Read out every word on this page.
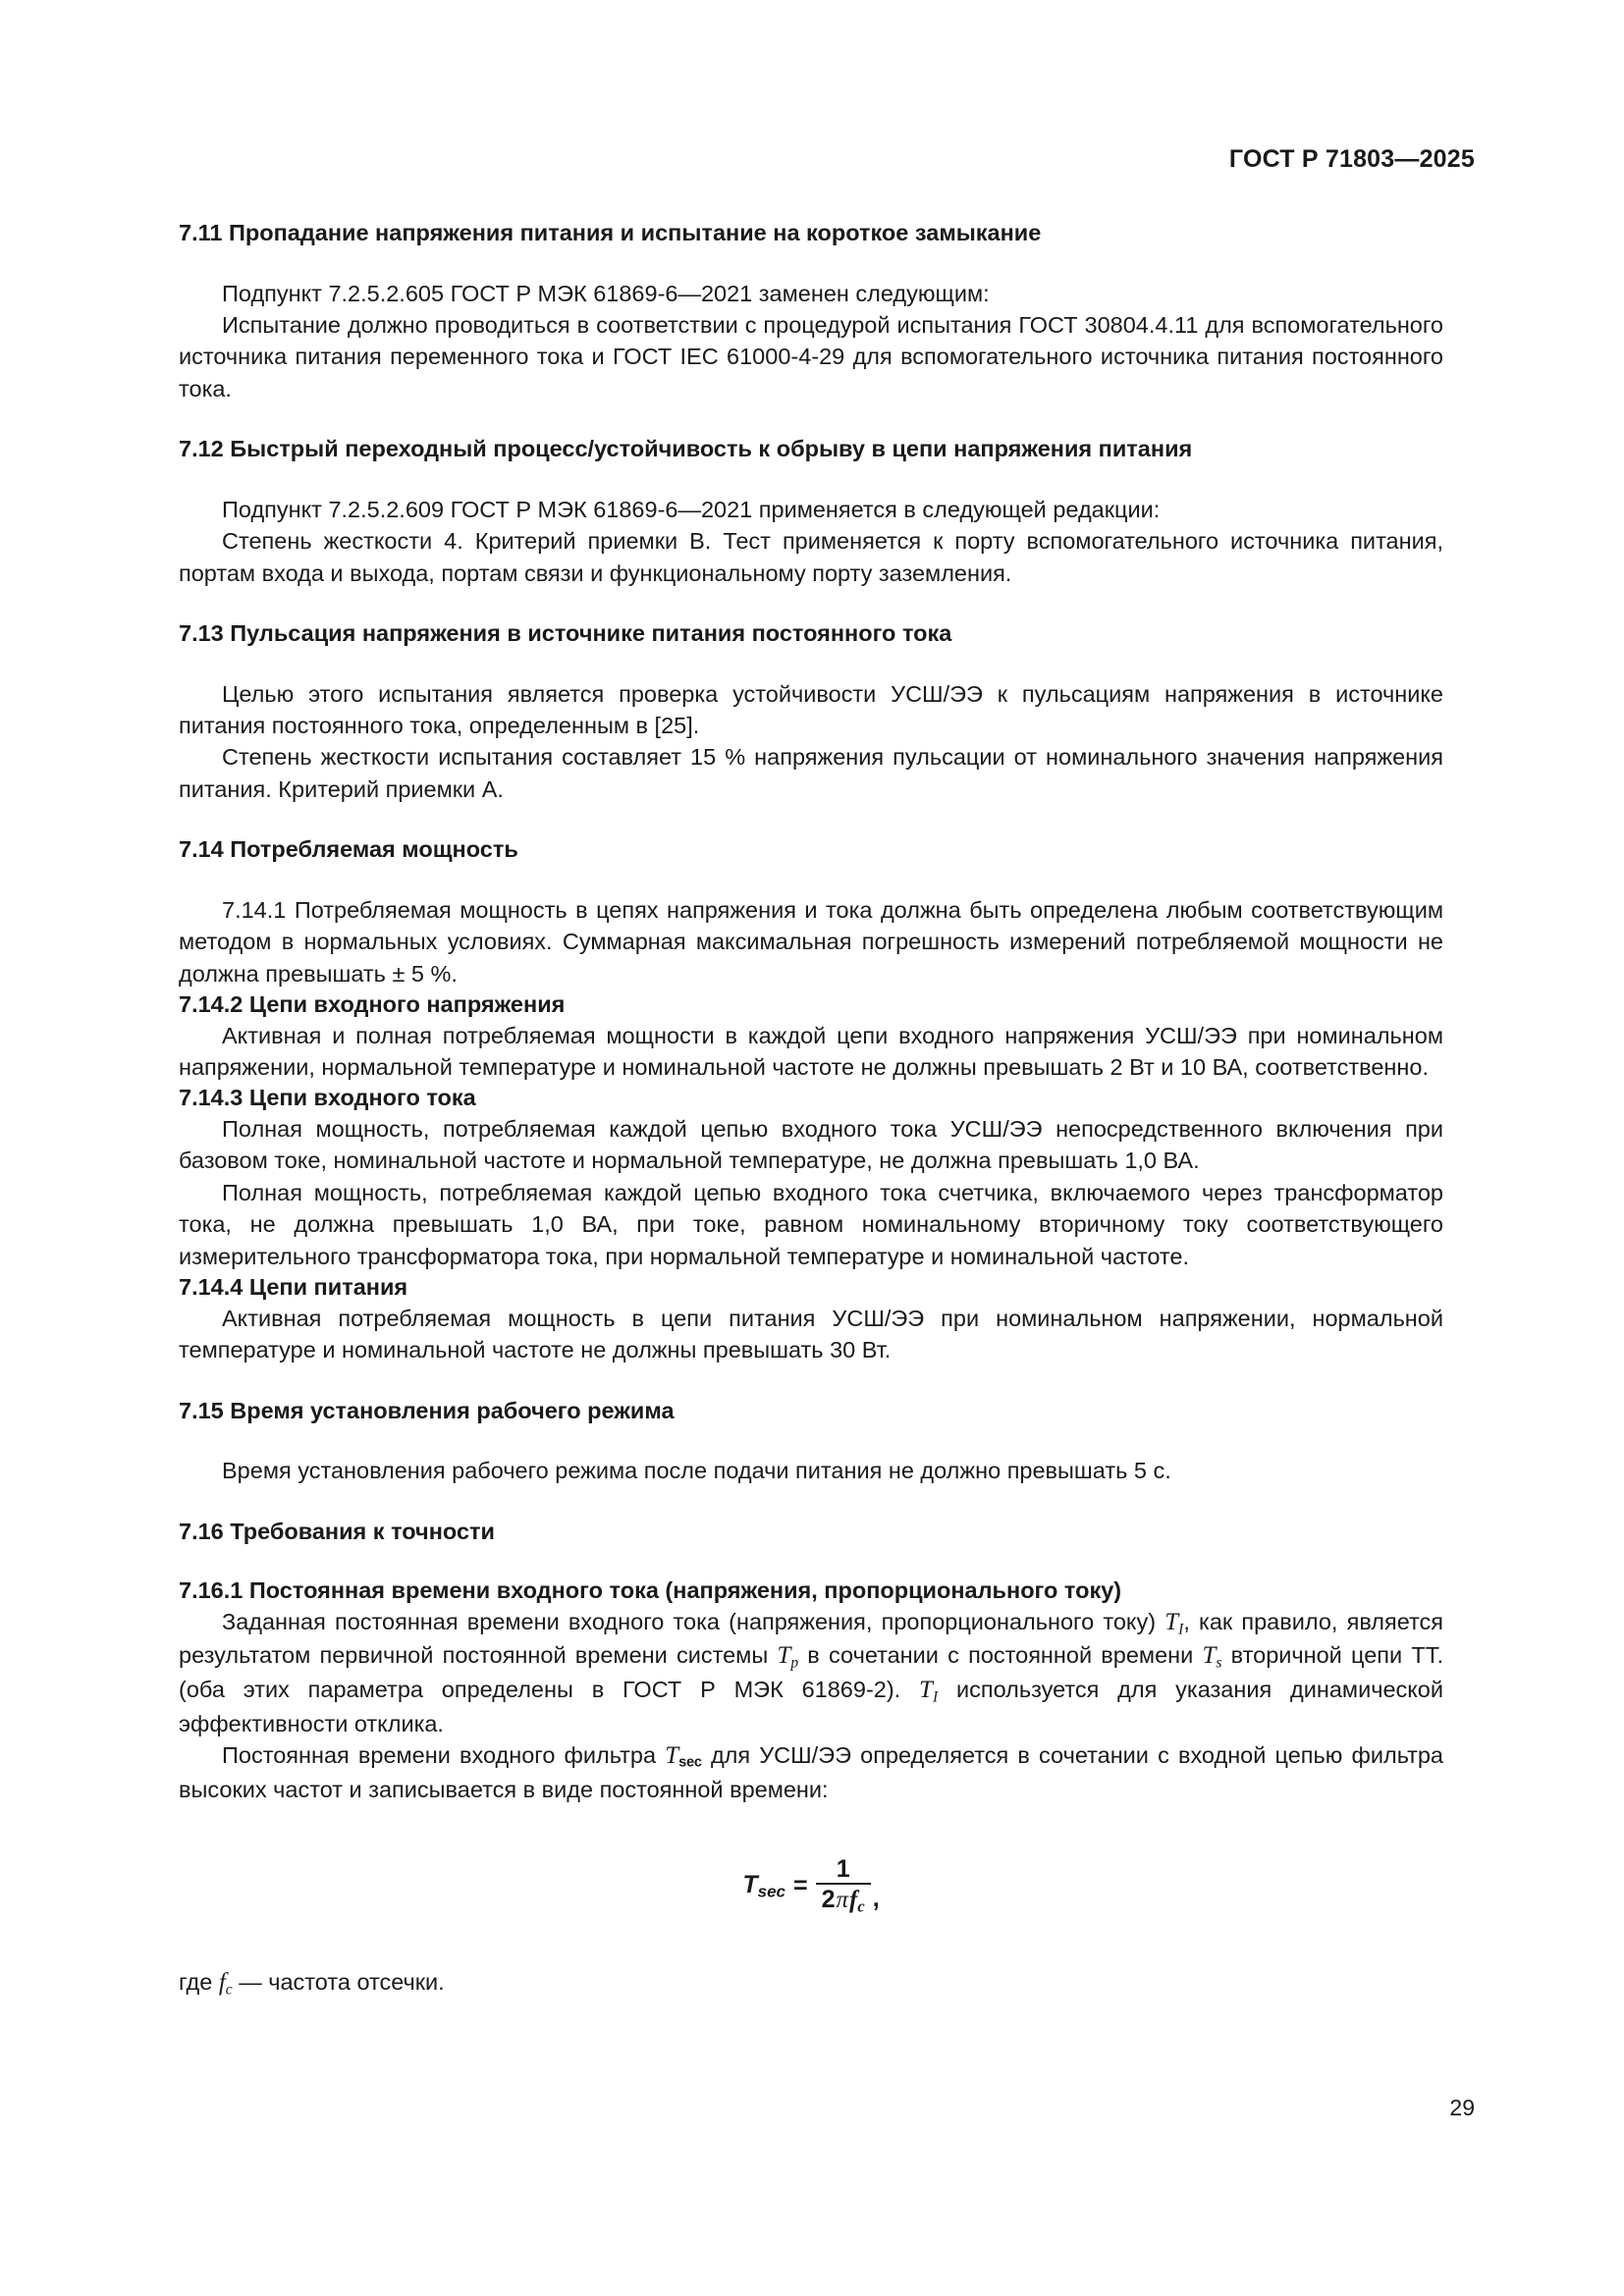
ГОСТ Р 71803—2025
7.11 Пропадание напряжения питания и испытание на короткое замыкание

Подпункт 7.2.5.2.605 ГОСТ Р МЭК 61869-6—2021 заменен следующим:

Испытание должно проводиться в соответствии с процедурой испытания ГОСТ 30804.4.11 для вспомогательного источника питания переменного тока и ГОСТ IEC 61000-4-29 для вспомогательного источника питания постоянного тока.

7.12 Быстрый переходный процесс/устойчивость к обрыву в цепи напряжения питания

Подпункт 7.2.5.2.609 ГОСТ Р МЭК 61869-6—2021 применяется в следующей редакции:

Степень жесткости 4. Критерий приемки В. Тест применяется к порту вспомогательного источника питания, портам входа и выхода, портам связи и функциональному порту заземления.

7.13 Пульсация напряжения в источнике питания постоянного тока

Целью этого испытания является проверка устойчивости УСШ/ЭЭ к пульсациям напряжения в источнике питания постоянного тока, определенным в [25].

Степень жесткости испытания составляет 15 % напряжения пульсации от номинального значения напряжения питания. Критерий приемки А.

7.14 Потребляемая мощность

7.14.1 Потребляемая мощность в цепях напряжения и тока должна быть определена любым соответствующим методом в нормальных условиях. Суммарная максимальная погрешность измерений потребляемой мощности не должна превышать ± 5 %.

7.14.2 Цепи входного напряжения

Активная и полная потребляемая мощности в каждой цепи входного напряжения УСШ/ЭЭ при номинальном напряжении, нормальной температуре и номинальной частоте не должны превышать 2 Вт и 10 ВА, соответственно.

7.14.3 Цепи входного тока

Полная мощность, потребляемая каждой цепью входного тока УСШ/ЭЭ непосредственного включения при базовом токе, номинальной частоте и нормальной температуре, не должна превышать 1,0 ВА.

Полная мощность, потребляемая каждой цепью входного тока счетчика, включаемого через трансформатор тока, не должна превышать 1,0 ВА, при токе, равном номинальному вторичному току соответствующего измерительного трансформатора тока, при нормальной температуре и номинальной частоте.

7.14.4 Цепи питания

Активная потребляемая мощность в цепи питания УСШ/ЭЭ при номинальном напряжении, нормальной температуре и номинальной частоте не должны превышать 30 Вт.

7.15 Время установления рабочего режима

Время установления рабочего режима после подачи питания не должно превышать 5 с.

7.16 Требования к точности
7.16.1 Постоянная времени входного тока (напряжения, пропорционального току)

Заданная постоянная времени входного тока (напряжения, пропорционального току) $T_I$, как правило, является результатом первичной постоянной времени системы $T_p$ в сочетании с постоянной времени $T_s$ вторичной цепи ТТ. (оба этих параметра определены в ГОСТ Р МЭК 61869-2). $T_I$ используется для указания динамической эффективности отклика.

Постоянная времени входного фильтра Tsec для УСШ/ЭЭ определяется в сочетании с входной цепью фильтра высоких частот и записывается в виде постоянной времени:

$Tsec = \frac{1}{\text{2πfc}}$ ,

где $f_c$ — частота отсечки.

29
